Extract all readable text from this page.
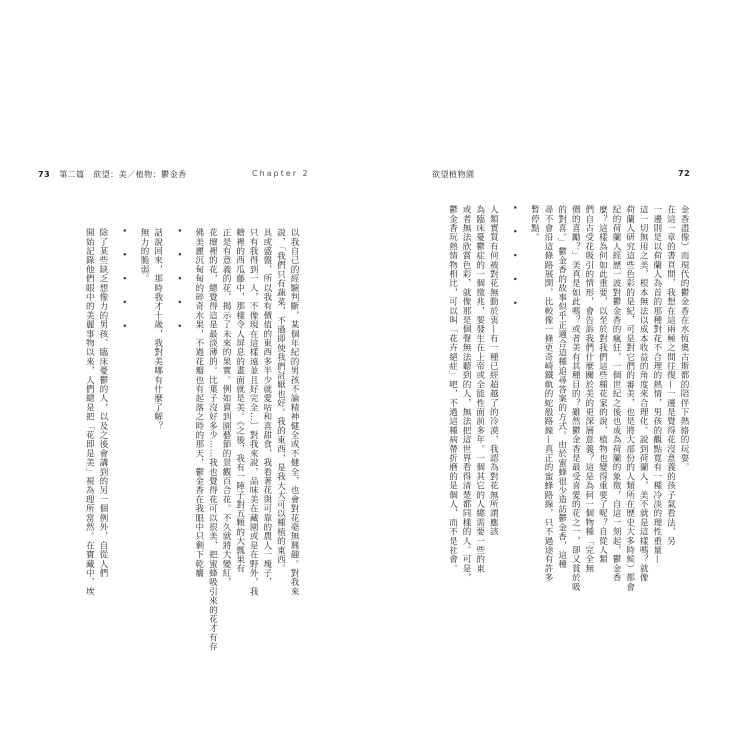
73 第二篇　欲望：美／植物：鬱金香	Chapter 2
以我自己的經驗判斷，某個年紀的男孩不論精神健全或不健全，也會對花毫無興趣。對我來
說，「我們只有蔬菜，不過即使我們討厭也好。我的東西，是我大大可以種植的東西。
具或盛盤，所以我有價值的東西多半少就愛咕和喜甜食，我看著花與可靠的農人一塊子，
只有我得到一人，不像現在這樣遠並且好完全…〕對我來說，品味美在藏園或是在野外，我
糖裡的西瓜藤中，那樣令人屏息的畫面就是美。《之後，我有一陣子對五顆的大瓢果有
正是有意義的花，揭示了未來的果實。例如賣到園藝節的景觀百合花。不久就將大變紅，
花壇裡的花，總覺得這是最淡薄的。比葉子沒好多少……我也覺得花可以很美，把蜜蜂吸引來的花才有存
佛美麗沉甸甸的碎奇水果，不過花瓣也有起落之時的那天，鬱金香在我眼中只剩下乾癟
• • • • •
話說回來，那時我才十歲，我對美哪有什麼了解？
無力的脆弱。
• • • • •
除了某些缺乏想像力的男孩、臨床憂鬱的人，以及之後會講到的另一個例外，自從人們
開始記錄他們眼中的美麗事物以來，人們總是把「花即是美」視為理所當然。在寶藏中，埃
欲望植物園	72
金香盡像）而現代的鬱金香在水恆奧古斯都的陪伴下熱絡的玩耍。
在這一章的書頁間，我想在這兩極之間往復—一邊是覺得花沒意義的孩子氣看法，另
一邊則是以荷蘭人為首的那種對花不合理的熱情，男孩的觀點寬有一種冷淡的理性重量—
這一切無用之美，根本無法以成本收益的角度來合理化。說到荷蘭人，美不就是這樣嗎？就像
荷蘭人研究這些色彩的是紀，可是對它們的審美，也是將大部份的人類所在歷史大多時候）都會
紀的荷蘭人經歷一波對鬱金香的瘋狂，一個世紀之後也成為荷蘭的象徵，自這一刻起，鬱金香
麼？這樣為何如此重要，以至於對我們這些種花家的說，植物也變得重要了呢？自從人類
們自古受花吸引的情形，會告訴我們什麼關於美的更深層意義？這是為何一個物種「完全無
價的喜勵？」美真是如此嗎？或者美有其種目的？雖然鬱金香是最受喜愛的花之一，卻又貧於吸
的對喜。」鬱金香的故事似乎正適合這種追尋答案的方式。由於蜜蜂很少造訪鬱金香，這種
尋不會沿這條路展開，比較像一條更奇崎鐵軌的蛇般路線—真正的蜜蜂路線，只不過途有許多
暫停點。
• • • • •
人類實質有何被對花無動於衷—有一種已經超越了的冷漠，我認為對花無所謂應該
為臨床憂鬱症的一個徵兆，要發生在上帝或全能性面前多年。一個其它的人總需要一些的東
或者無法欣賞色彩，就像那是個聲無法聽到的人，無法把這世界看得清楚都同樣的人。可是，
鬱金香玩熱情物相比，可以叫「花卉絕症」吧，不過這種病帶折磨的是個人，而不是社會。
